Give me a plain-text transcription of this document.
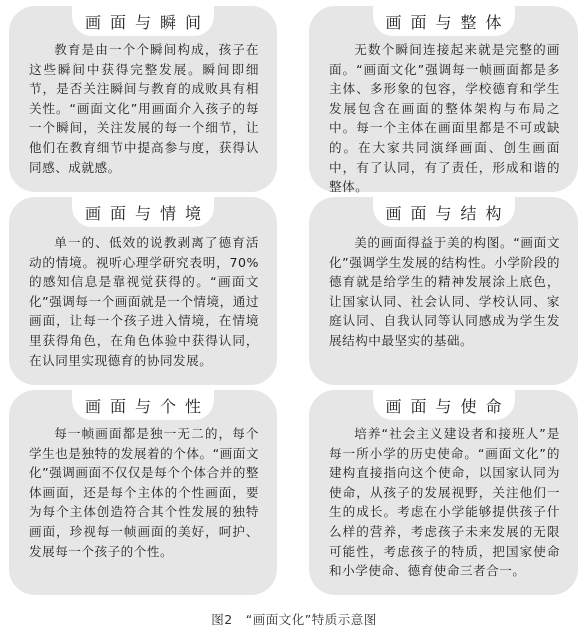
画面与瞬间
教育是由一个个瞬间构成，孩子在这些瞬间中获得完整发展。瞬间即细节，是否关注瞬间与教育的成败具有相关性。“画面文化”用画面介入孩子的每一个瞬间，关注发展的每一个细节，让他们在教育细节中提高参与度，获得认同感、成就感。
画面与整体
无数个瞬间连接起来就是完整的画面。“画面文化”强调每一帧画面都是多主体、多形象的包容，学校德育和学生发展包含在画面的整体架构与布局之中。每一个主体在画面里都是不可或缺的。在大家共同演绎画面、创生画面中，有了认同，有了责任，形成和谐的整体。
画面与情境
单一的、低效的说教剥离了德育活动的情境。视听心理学研究表明，70%的感知信息是靠视觉获得的。“画面文化”强调每一个画面就是一个情境，通过画面，让每一个孩子进入情境，在情境里获得角色，在角色体验中获得认同，在认同里实现德育的协同发展。
画面与结构
美的画面得益于美的构图。“画面文化”强调学生发展的结构性。小学阶段的德育就是给学生的精神发展涂上底色，让国家认同、社会认同、学校认同、家庭认同、自我认同等认同感成为学生发展结构中最坚实的基础。
画面与个性
每一帧画面都是独一无二的，每个学生也是独特的发展着的个体。“画面文化”强调画面不仅仅是每个个体合并的整体画面，还是每个主体的个性画面，要为每个主体创造符合其个性发展的独特画面，珍视每一帧画面的美好，呵护、发展每一个孩子的个性。
画面与使命
培养“社会主义建设者和接班人”是每一所小学的历史使命。“画面文化”的建构直接指向这个使命，以国家认同为使命，从孩子的发展视野，关注他们一生的成长。考虑在小学能够提供孩子什么样的营养，考虑孩子未来发展的无限可能性，考虑孩子的特质，把国家使命和小学使命、德育使命三者合一。
图2　“画面文化”特质示意图
